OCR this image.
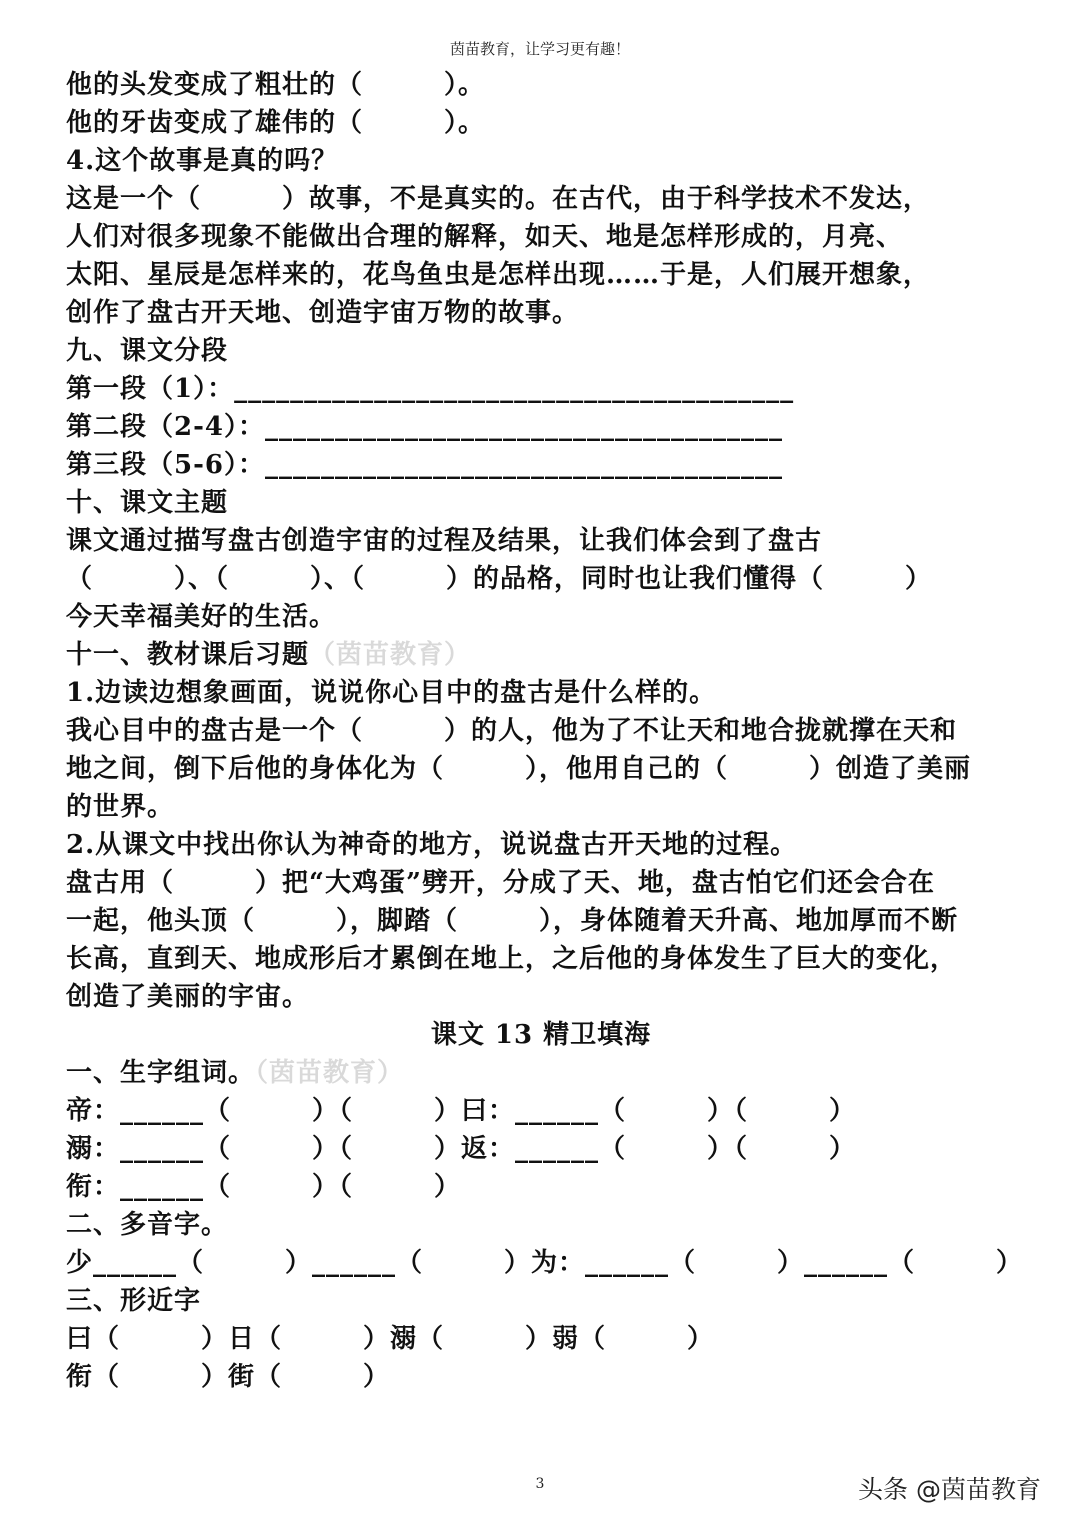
茵苗教育，让学习更有趣！
他的头发变成了粗壮的（　　　）。
他的牙齿变成了雄伟的（　　　）。
4.这个故事是真的吗？
这是一个（　　　）故事，不是真实的。在古代，由于科学技术不发达，
人们对很多现象不能做出合理的解释，如天、地是怎样形成的，月亮、
太阳、星辰是怎样来的，花鸟鱼虫是怎样出现……于是，人们展开想象，
创作了盘古开天地、创造宇宙万物的故事。
九、课文分段
第一段（1）：________________________________________
第二段（2-4）：_____________________________________
第三段（5-6）：_____________________________________
十、课文主题
课文通过描写盘古创造宇宙的过程及结果，让我们体会到了盘古
（　　　）、（　　　）、（　　　）的品格，同时也让我们懂得（　　　）
今天幸福美好的生活。
十一、教材课后习题（茵苗教育）
1.边读边想象画面，说说你心目中的盘古是什么样的。
我心目中的盘古是一个（　　　）的人，他为了不让天和地合拢就撑在天和
地之间，倒下后他的身体化为（　　　），他用自己的（　　　）创造了美丽
的世界。
2.从课文中找出你认为神奇的地方，说说盘古开天地的过程。
盘古用（　　　）把“大鸡蛋”劈开，分成了天、地，盘古怕它们还会合在
一起，他头顶（　　　），脚踏（　　　），身体随着天升高、地加厚而不断
长高，直到天、地成形后才累倒在地上，之后他的身体发生了巨大的变化，
创造了美丽的宇宙。
课文 13 精卫填海
一、生字组词。（茵苗教育）
帝：______（　　　）（　　　）曰：______（　　　）（　　　）
溺：______（　　　）（　　　）返：______（　　　）（　　　）
衔：______（　　　）（　　　）
二、多音字。
少______（　　　）______（　　　）为：______（　　　）______（　　　）
三、形近字
曰（　　　）日（　　　）溺（　　　）弱（　　　）
衔（　　　）街（　　　）
3	头条 @茵苗教育
